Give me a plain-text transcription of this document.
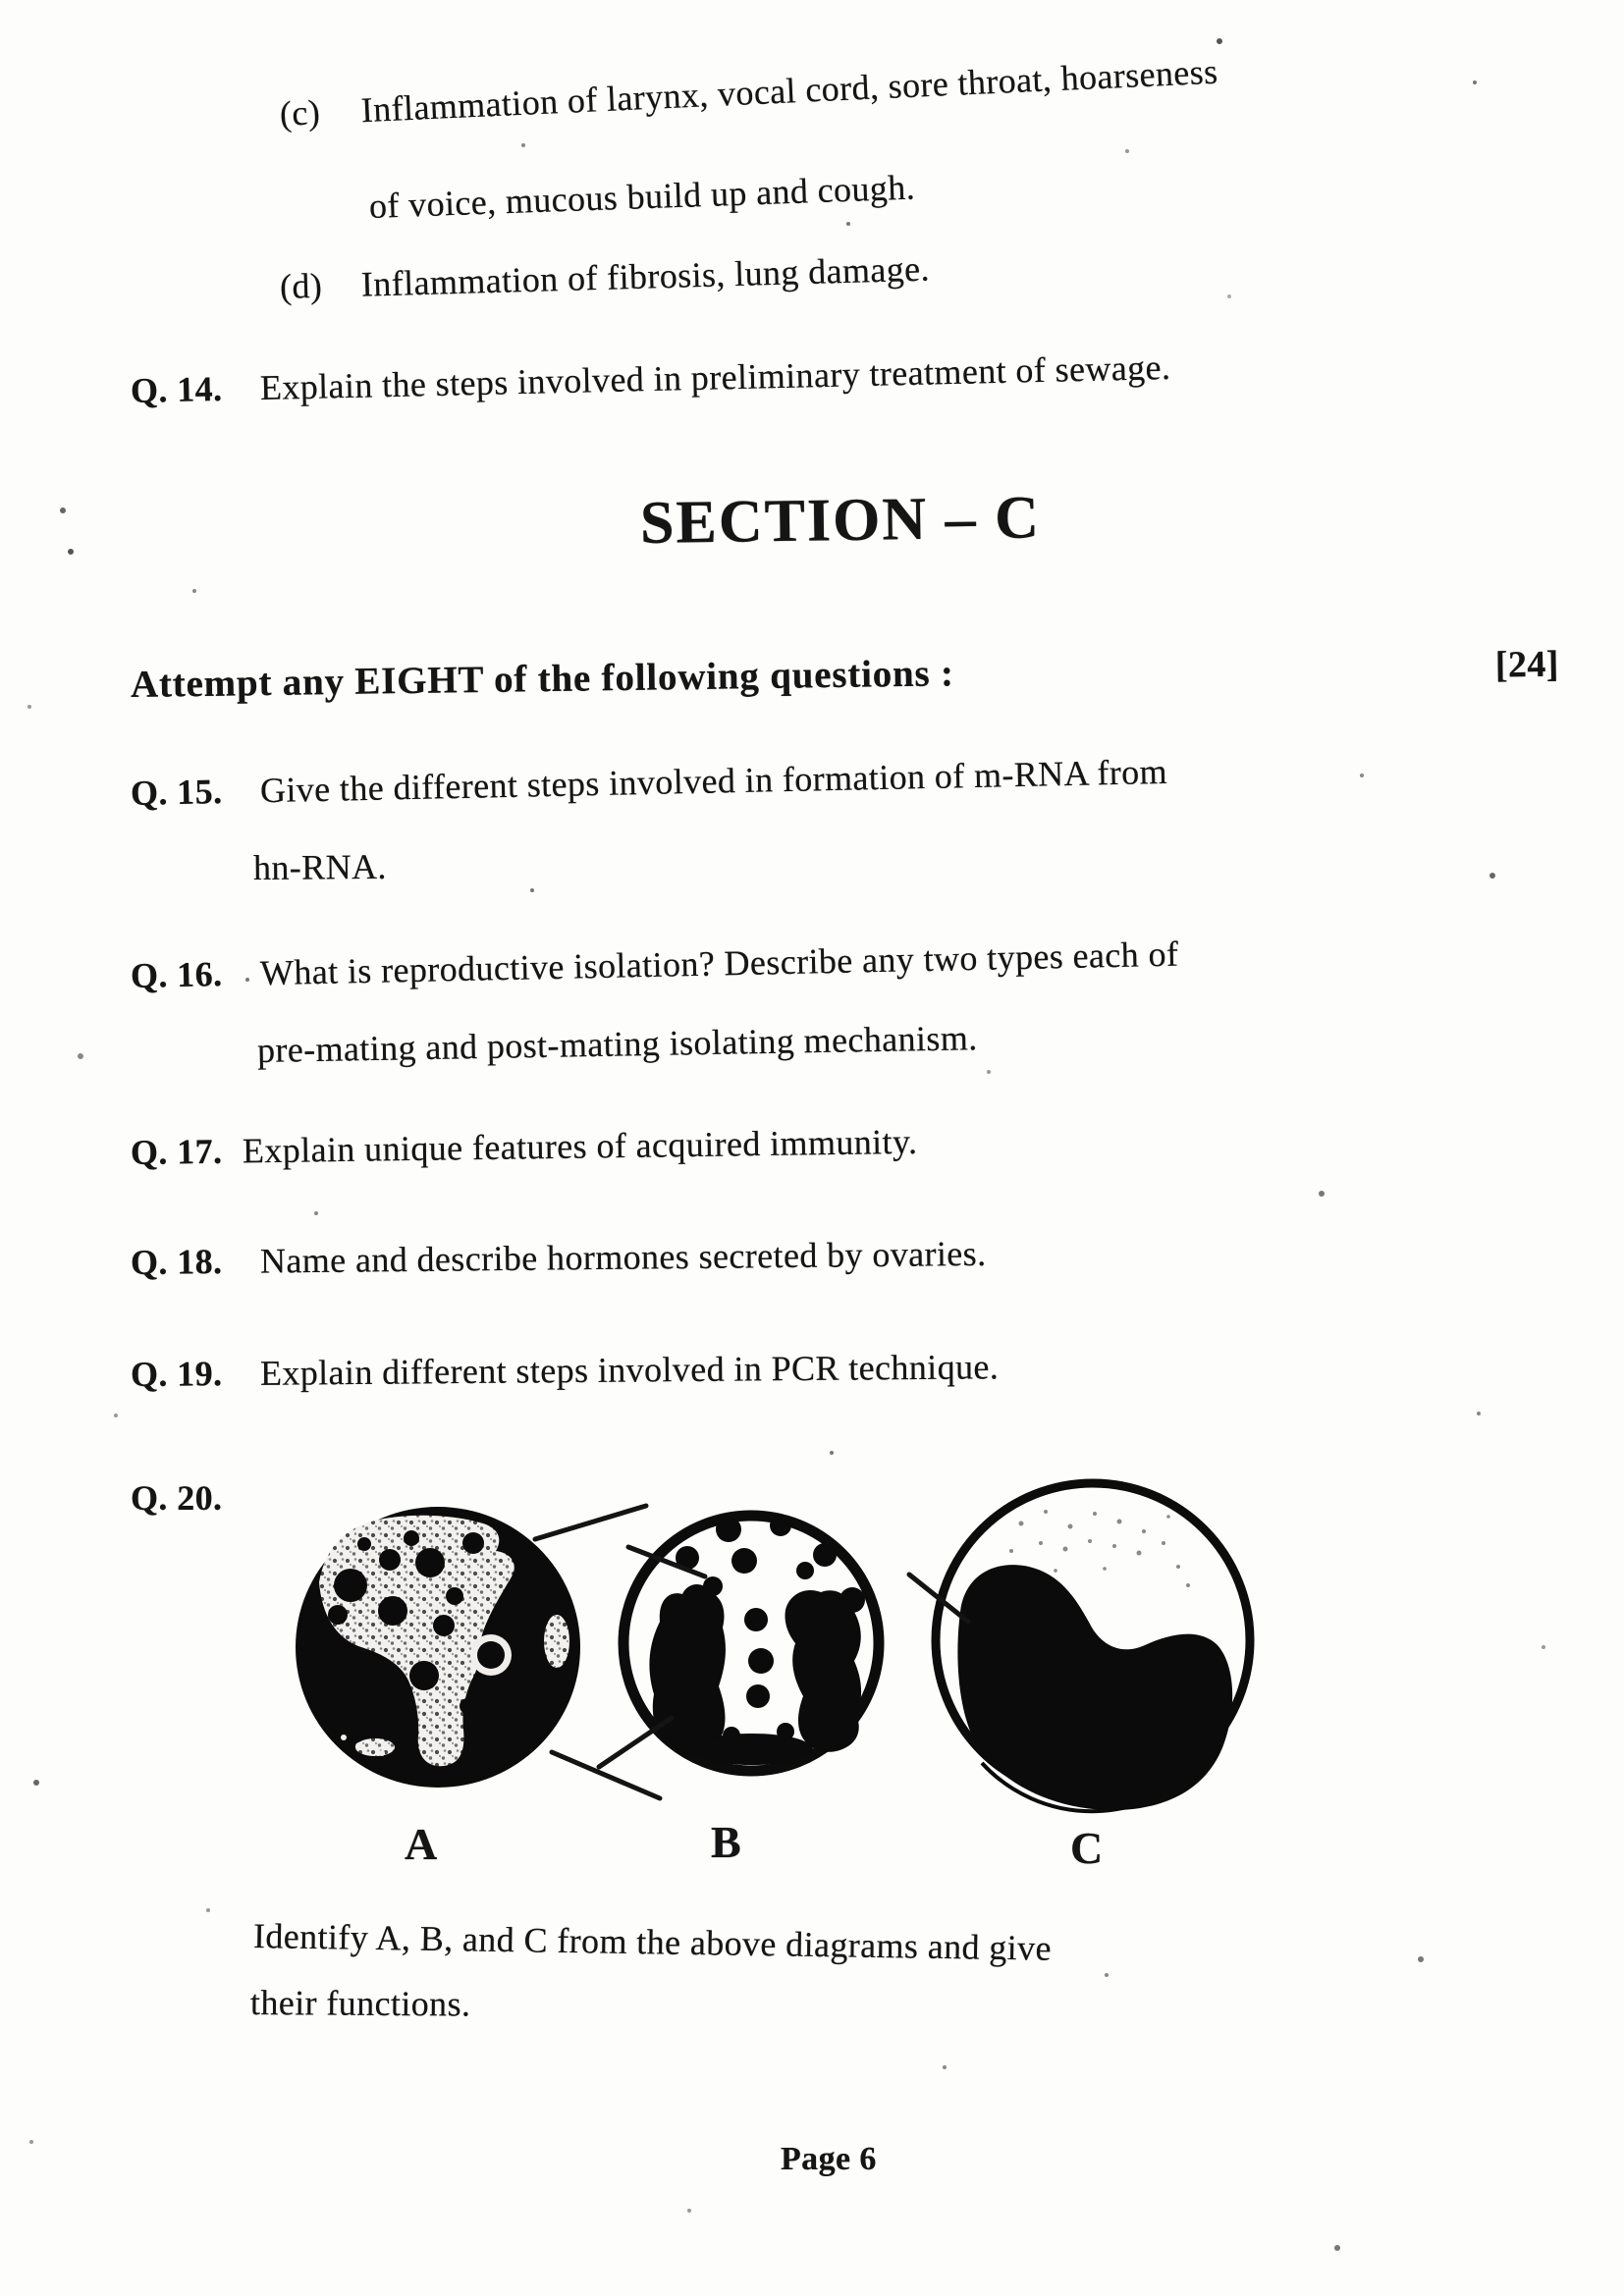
(c) Inflammation of larynx, vocal cord, sore throat, hoarseness
of voice, mucous build up and cough.
(d) Inflammation of fibrosis, lung damage.
Q. 14. Explain the steps involved in preliminary treatment of sewage.
SECTION – C
Attempt any EIGHT of the following questions :	[24]
Q. 15. Give the different steps involved in formation of m-RNA from
hn-RNA.
Q. 16. What is reproductive isolation? Describe any two types each of
pre-mating and post-mating isolating mechanism.
Q. 17. Explain unique features of acquired immunity.
Q. 18. Name and describe hormones secreted by ovaries.
Q. 19. Explain different steps involved in PCR technique.
Q. 20.
A	B	C
Identify A, B, and C from the above diagrams and give
their functions.
Page 6
